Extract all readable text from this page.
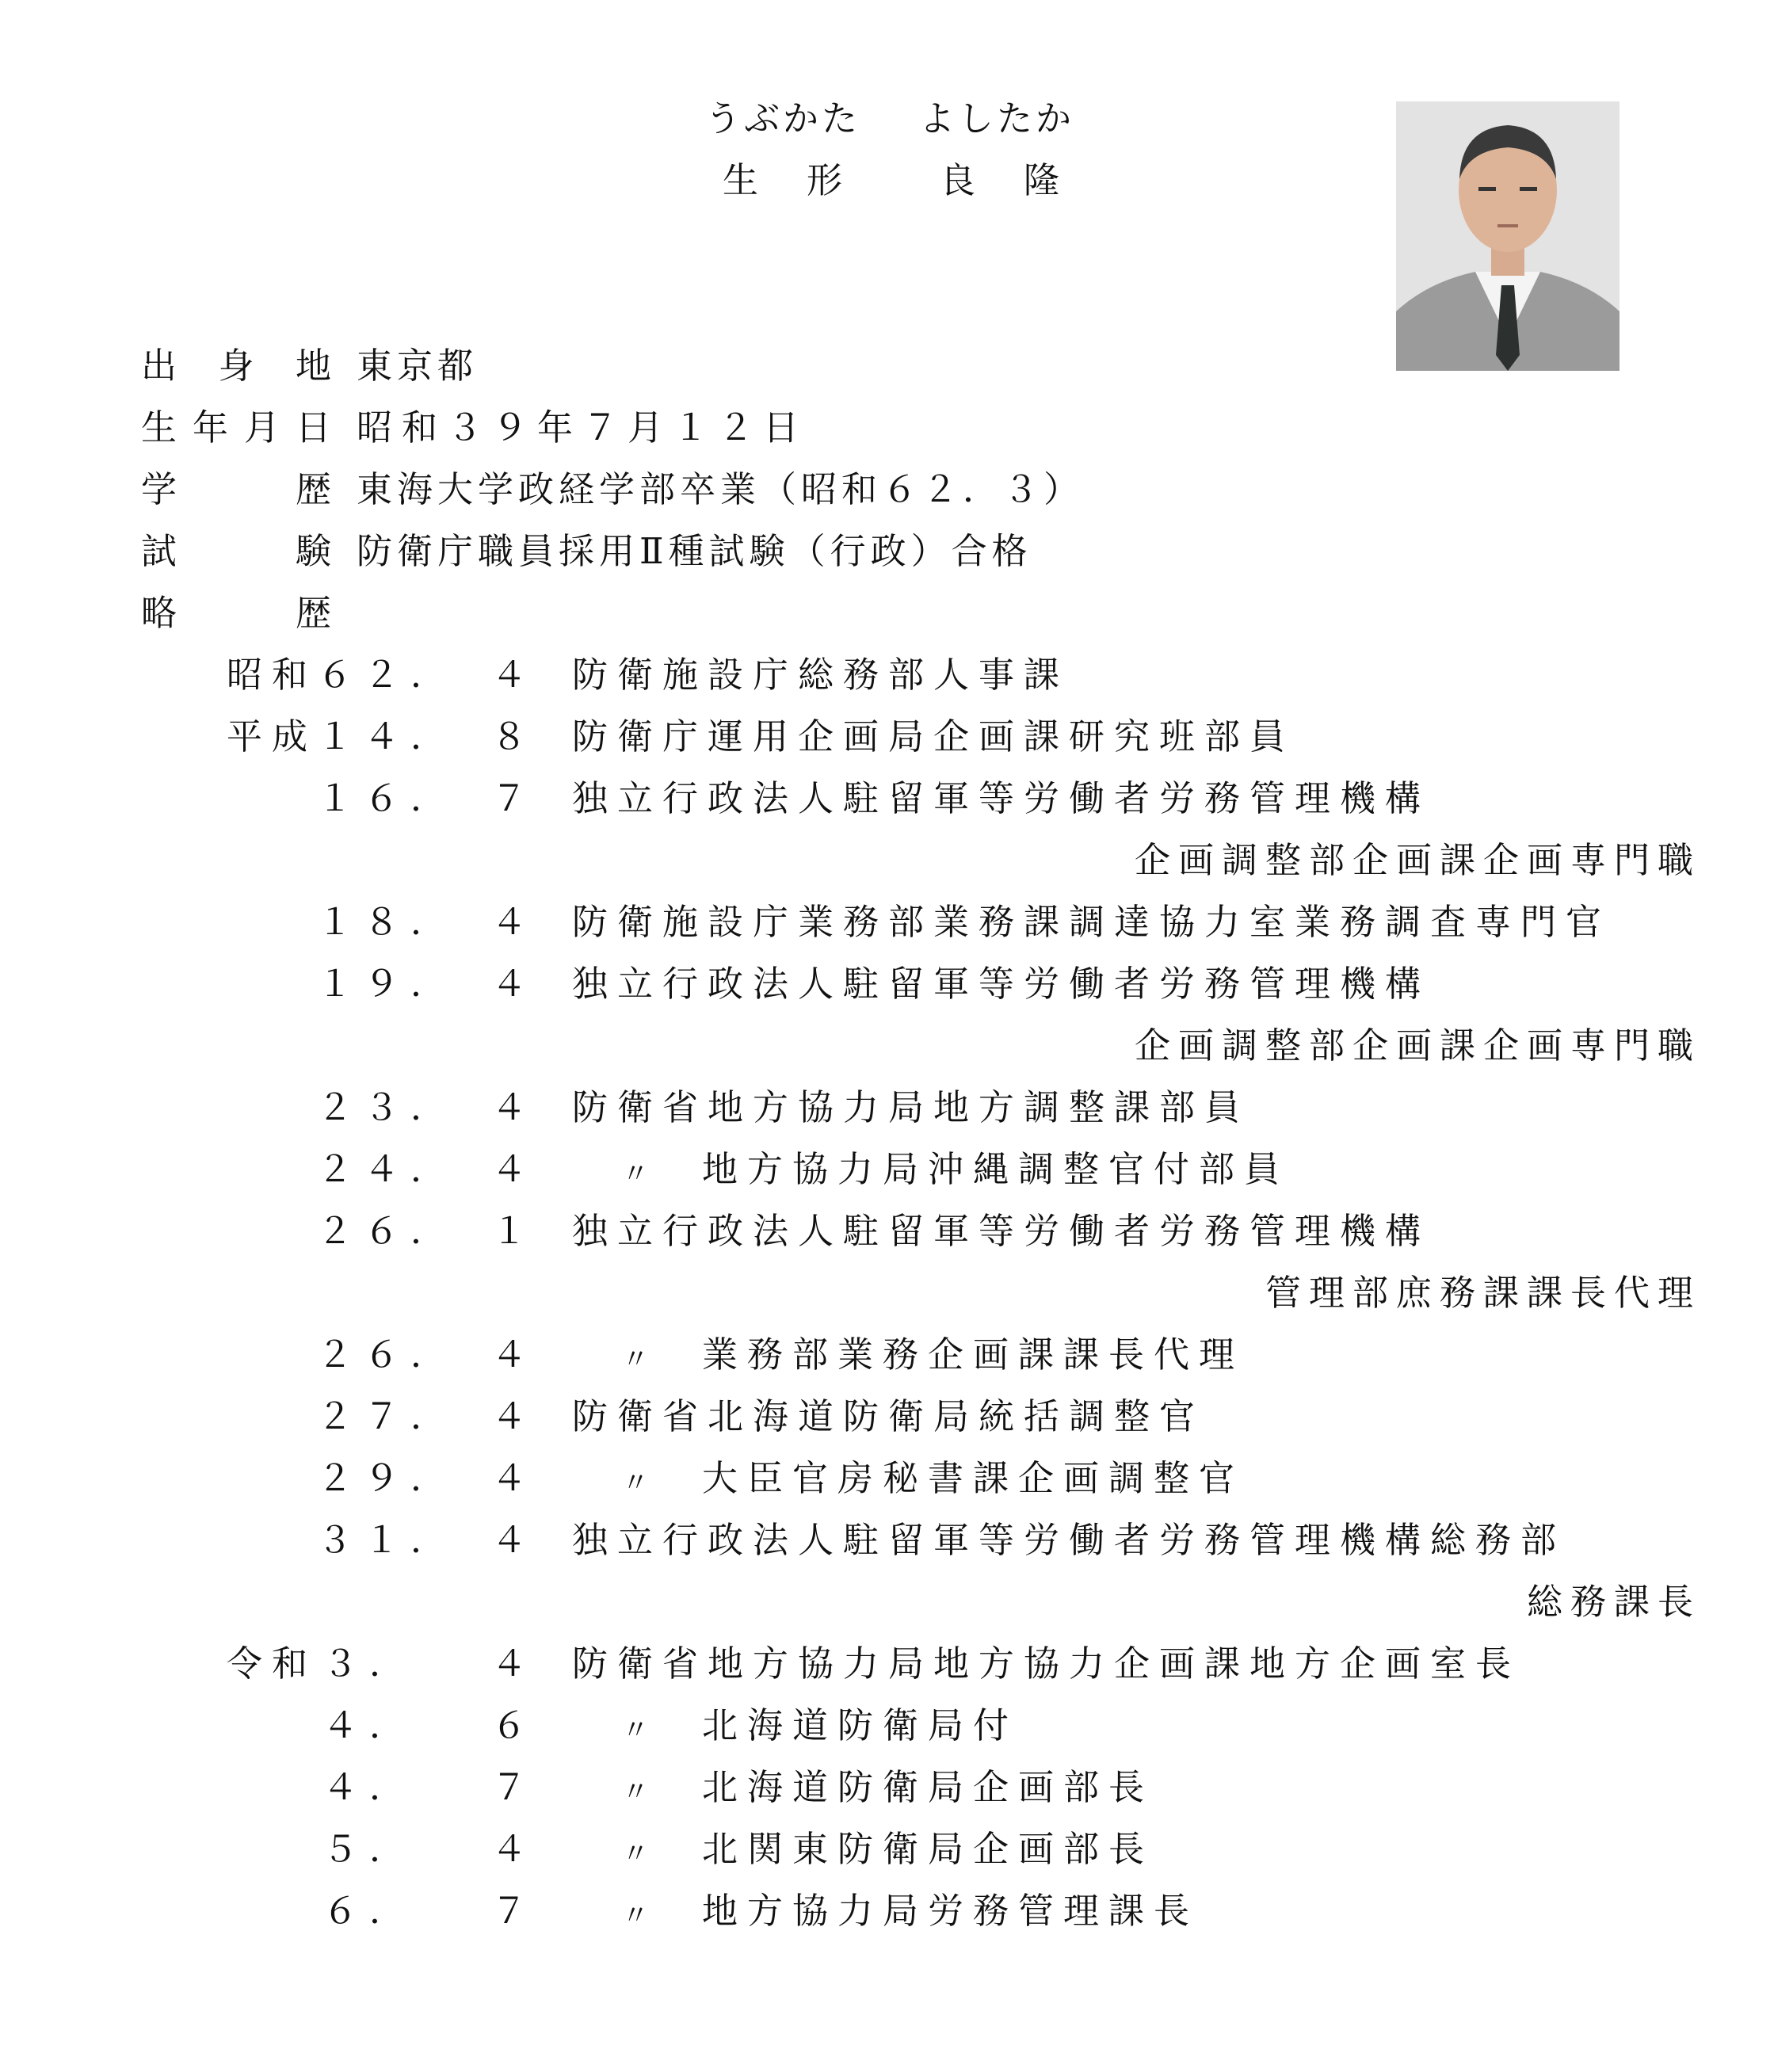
うぶかた よしたか
生 形	良 隆
出 身 地 東京都
生 年 月 日 昭和３９年７月１２日
学	歴 東海大学政経学部卒業（昭和６２．３）
試	験 防衛庁職員採用Ⅱ種試験（行政）合格
略	歴
昭和 ６２． ４ 防衛施設庁総務部人事課
平成 １４． ８ 防衛庁運用企画局企画課研究班部員
１６． ７ 独立行政法人駐留軍等労働者労務管理機構
企画調整部企画課企画専門職
１８． ４ 防衛施設庁業務部業務課調達協力室業務調査専門官
１９． ４ 独立行政法人駐留軍等労働者労務管理機構
企画調整部企画課企画専門職
２３． ４ 防衛省地方協力局地方調整課部員
２４． ４	〃 地方協力局沖縄調整官付部員
２６． １ 独立行政法人駐留軍等労働者労務管理機構
管理部庶務課課長代理
２６． ４	〃 業務部業務企画課課長代理
２７． ４ 防衛省北海道防衛局統括調整官
２９． ４	〃 大臣官房秘書課企画調整官
３１． ４ 独立行政法人駐留軍等労働者労務管理機構総務部
総務課長
令和 ３． ４ 防衛省地方協力局地方協力企画課地方企画室長
４． ６	〃 北海道防衛局付
４． ７	〃 北海道防衛局企画部長
５． ４	〃 北関東防衛局企画部長
６． ７	〃 地方協力局労務管理課長
